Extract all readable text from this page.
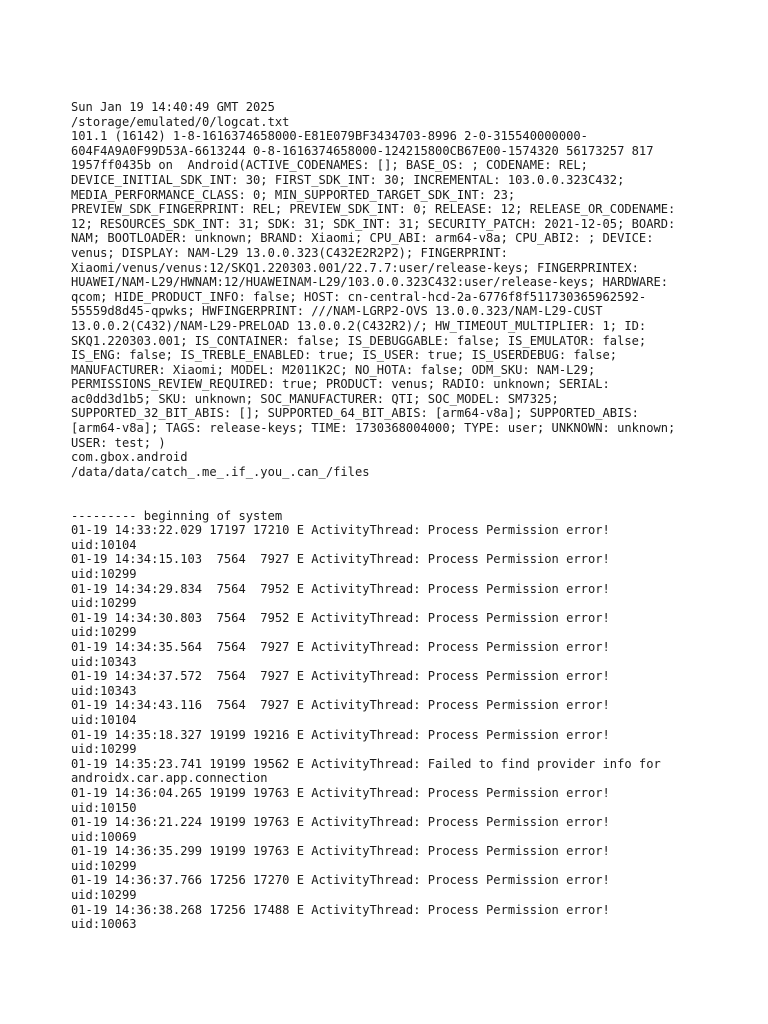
Sun Jan 19 14:40:49 GMT 2025
/storage/emulated/0/logcat.txt
101.1 (16142) 1-8-1616374658000-E81E079BF3434703-8996 2-0-315540000000-
604F4A9A0F99D53A-6613244 0-8-1616374658000-124215800CB67E00-1574320 56173257 817
1957ff0435b on  Android(ACTIVE_CODENAMES: []; BASE_OS: ; CODENAME: REL;
DEVICE_INITIAL_SDK_INT: 30; FIRST_SDK_INT: 30; INCREMENTAL: 103.0.0.323C432;
MEDIA_PERFORMANCE_CLASS: 0; MIN_SUPPORTED_TARGET_SDK_INT: 23;
PREVIEW_SDK_FINGERPRINT: REL; PREVIEW_SDK_INT: 0; RELEASE: 12; RELEASE_OR_CODENAME:
12; RESOURCES_SDK_INT: 31; SDK: 31; SDK_INT: 31; SECURITY_PATCH: 2021-12-05; BOARD:
NAM; BOOTLOADER: unknown; BRAND: Xiaomi; CPU_ABI: arm64-v8a; CPU_ABI2: ; DEVICE:
venus; DISPLAY: NAM-L29 13.0.0.323(C432E2R2P2); FINGERPRINT:
Xiaomi/venus/venus:12/SKQ1.220303.001/22.7.7:user/release-keys; FINGERPRINTEX:
HUAWEI/NAM-L29/HWNAM:12/HUAWEINAM-L29/103.0.0.323C432:user/release-keys; HARDWARE:
qcom; HIDE_PRODUCT_INFO: false; HOST: cn-central-hcd-2a-6776f8f511730365962592-
55559d8d45-qpwks; HWFINGERPRINT: ///NAM-LGRP2-OVS 13.0.0.323/NAM-L29-CUST
13.0.0.2(C432)/NAM-L29-PRELOAD 13.0.0.2(C432R2)/; HW_TIMEOUT_MULTIPLIER: 1; ID:
SKQ1.220303.001; IS_CONTAINER: false; IS_DEBUGGABLE: false; IS_EMULATOR: false;
IS_ENG: false; IS_TREBLE_ENABLED: true; IS_USER: true; IS_USERDEBUG: false;
MANUFACTURER: Xiaomi; MODEL: M2011K2C; NO_HOTA: false; ODM_SKU: NAM-L29;
PERMISSIONS_REVIEW_REQUIRED: true; PRODUCT: venus; RADIO: unknown; SERIAL:
ac0dd3d1b5; SKU: unknown; SOC_MANUFACTURER: QTI; SOC_MODEL: SM7325;
SUPPORTED_32_BIT_ABIS: []; SUPPORTED_64_BIT_ABIS: [arm64-v8a]; SUPPORTED_ABIS:
[arm64-v8a]; TAGS: release-keys; TIME: 1730368004000; TYPE: user; UNKNOWN: unknown;
USER: test; )
com.gbox.android
/data/data/catch_.me_.if_.you_.can_/files
--------- beginning of system
01-19 14:33:22.029 17197 17210 E ActivityThread: Process Permission error!
uid:10104
01-19 14:34:15.103  7564  7927 E ActivityThread: Process Permission error!
uid:10299
01-19 14:34:29.834  7564  7952 E ActivityThread: Process Permission error!
uid:10299
01-19 14:34:30.803  7564  7952 E ActivityThread: Process Permission error!
uid:10299
01-19 14:34:35.564  7564  7927 E ActivityThread: Process Permission error!
uid:10343
01-19 14:34:37.572  7564  7927 E ActivityThread: Process Permission error!
uid:10343
01-19 14:34:43.116  7564  7927 E ActivityThread: Process Permission error!
uid:10104
01-19 14:35:18.327 19199 19216 E ActivityThread: Process Permission error!
uid:10299
01-19 14:35:23.741 19199 19562 E ActivityThread: Failed to find provider info for
androidx.car.app.connection
01-19 14:36:04.265 19199 19763 E ActivityThread: Process Permission error!
uid:10150
01-19 14:36:21.224 19199 19763 E ActivityThread: Process Permission error!
uid:10069
01-19 14:36:35.299 19199 19763 E ActivityThread: Process Permission error!
uid:10299
01-19 14:36:37.766 17256 17270 E ActivityThread: Process Permission error!
uid:10299
01-19 14:36:38.268 17256 17488 E ActivityThread: Process Permission error!
uid:10063
